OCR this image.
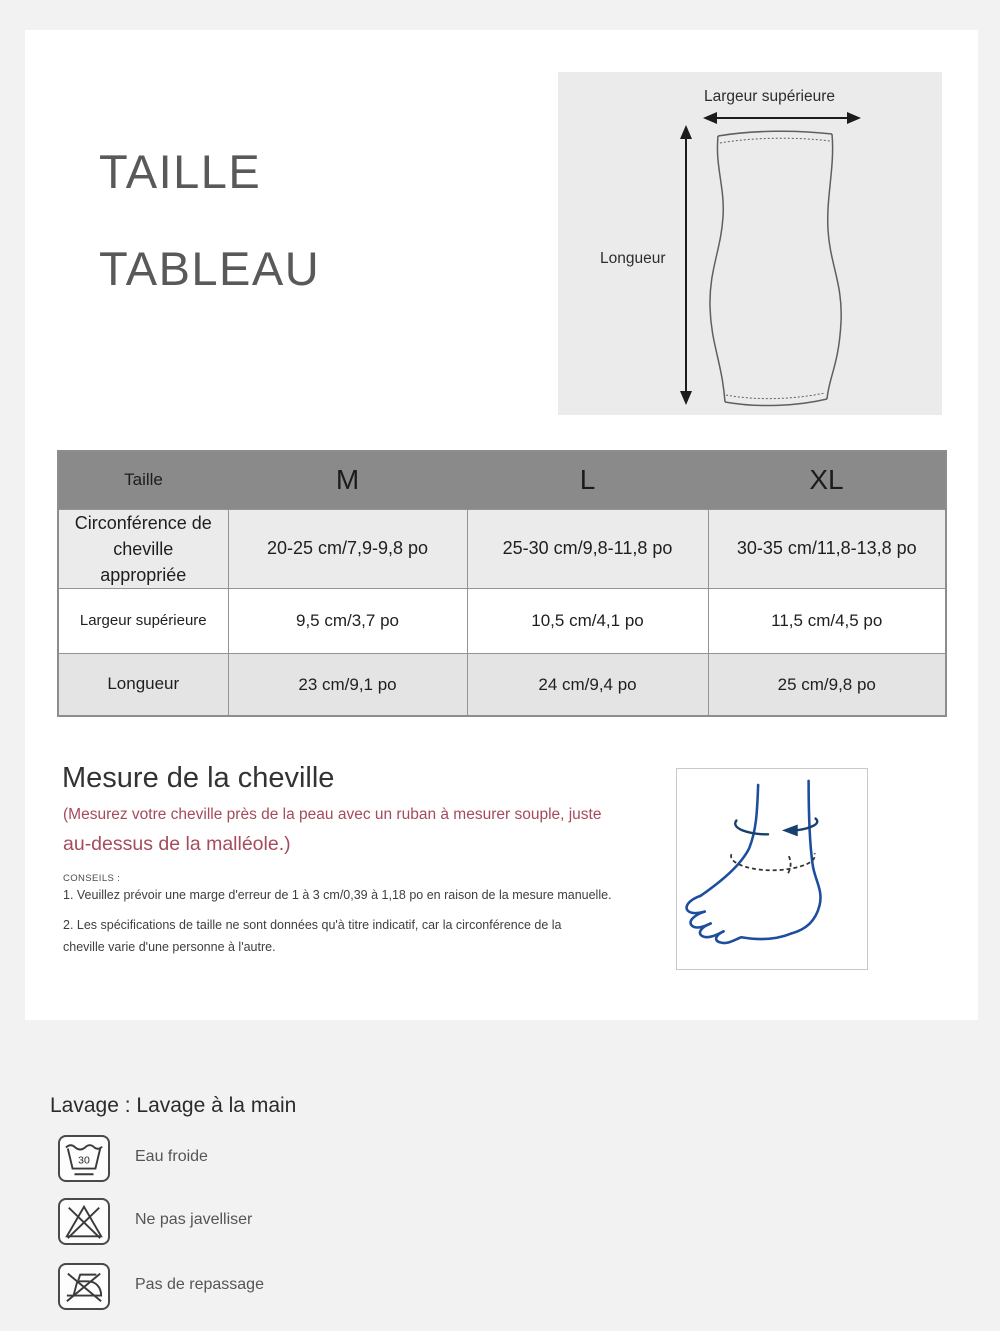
TAILLE
TABLEAU
Largeur supérieure
Longueur
Taille	M	L	XL
Circonférence de cheville appropriée	20-25 cm/7,9-9,8 po	25-30 cm/9,8-11,8 po	30-35 cm/11,8-13,8 po
Largeur supérieure	9,5 cm/3,7 po	10,5 cm/4,1 po	11,5 cm/4,5 po
Longueur	23 cm/9,1 po	24 cm/9,4 po	25 cm/9,8 po
Mesure de la cheville
(Mesurez votre cheville près de la peau avec un ruban à mesurer souple, juste
au-dessus de la malléole.)
CONSEILS :
1. Veuillez prévoir une marge d'erreur de 1 à 3 cm/0,39 à 1,18 po en raison de la mesure manuelle.
2. Les spécifications de taille ne sont données qu'à titre indicatif, car la circonférence de la cheville varie d'une personne à l'autre.
Lavage : Lavage à la main
30	Eau froide
Ne pas javelliser
Pas de repassage
